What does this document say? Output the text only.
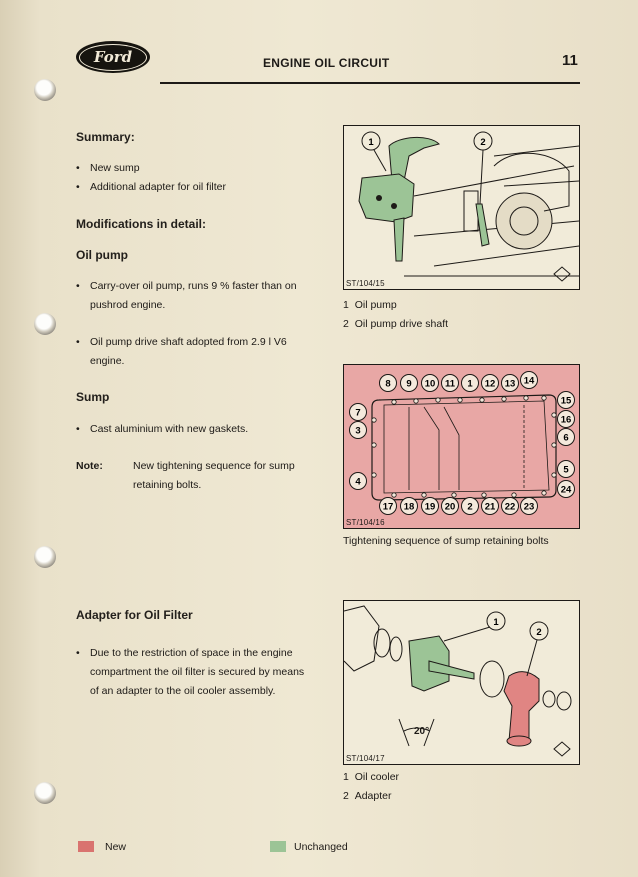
Ford	ENGINE OIL CIRCUIT	11
Summary:
• New sump
• Additional adapter for oil filter
Modifications in detail:
Oil pump
• Carry-over oil pump, runs 9 % faster than on
pushrod engine.
• Oil pump drive shaft adopted from 2.9 l V6
engine.
Sump
• Cast aluminium with new gaskets.
Note:	New tightening sequence for sump
retaining bolts.
Adapter for Oil Filter
• Due to the restriction of space in the engine
compartment the oil filter is secured by means
of an adapter to the oil cooler assembly.
1	2
ST/104/15
1 Oil pump
2 Oil pump drive shaft
1
2
3
4
5
6
7
8 9 10 11	12 13 14
15
16
17 18 19 20	21 22 23
24
ST/104/16
Tightening sequence of sump retaining bolts
1
2
20°
ST/104/17
1 Oil cooler
2 Adapter
New	Unchanged
